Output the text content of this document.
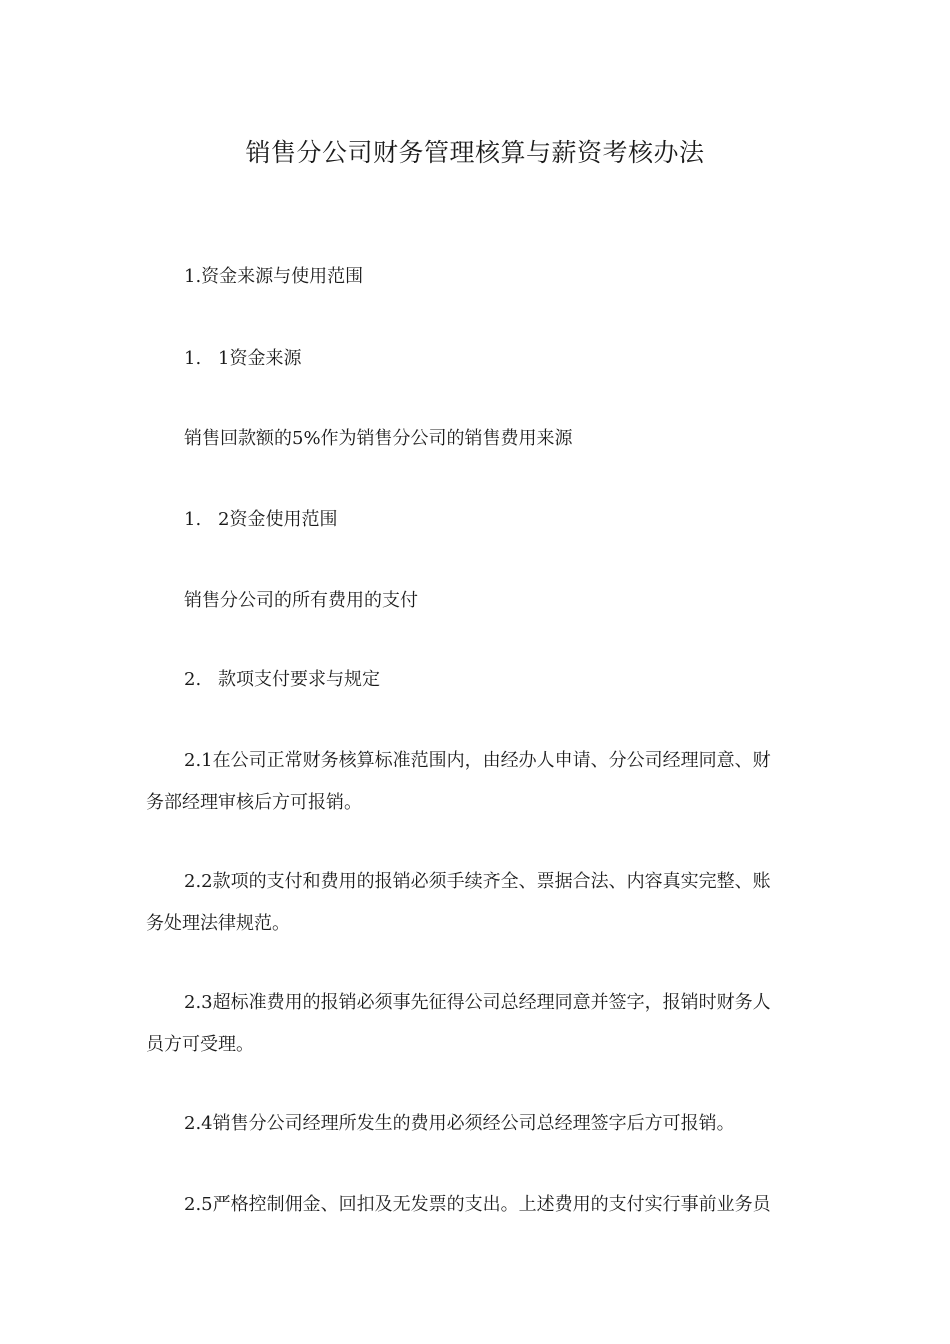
销售分公司财务管理核算与薪资考核办法
1.资金来源与使用范围
1. 1资金来源
销售回款额的5%作为销售分公司的销售费用来源
1. 2资金使用范围
销售分公司的所有费用的支付
2. 款项支付要求与规定
2.1在公司正常财务核算标准范围内，由经办人申请、分公司经理同意、财
务部经理审核后方可报销。
2.2款项的支付和费用的报销必须手续齐全、票据合法、内容真实完整、账
务处理法律规范。
2.3超标准费用的报销必须事先征得公司总经理同意并签字，报销时财务人
员方可受理。
2.4销售分公司经理所发生的费用必须经公司总经理签字后方可报销。
2.5严格控制佣金、回扣及无发票的支出。上述费用的支付实行事前业务员
